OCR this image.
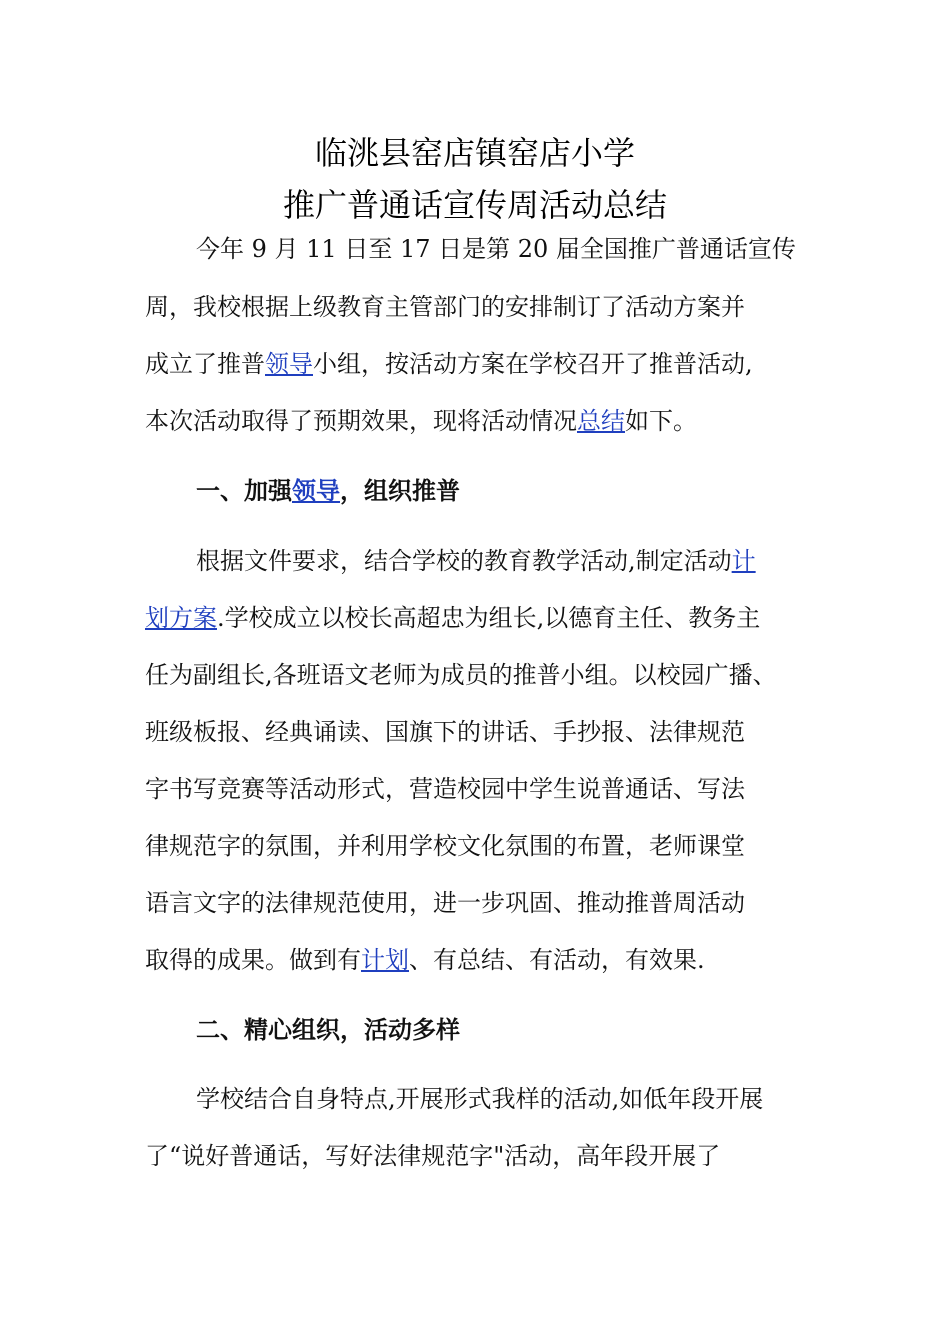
临洮县窑店镇窑店小学
推广普通话宣传周活动总结
今年 9 月 11 日至 17 日是第 20 届全国推广普通话宣传
周，我校根据上级教育主管部门的安排制订了活动方案并
成立了推普领导小组，按活动方案在学校召开了推普活动,
本次活动取得了预期效果，现将活动情况总结如下。
一、加强领导，组织推普
根据文件要求，结合学校的教育教学活动,制定活动计
划方案.学校成立以校长高超忠为组长,以德育主任、教务主
任为副组长,各班语文老师为成员的推普小组。以校园广播、
班级板报、经典诵读、国旗下的讲话、手抄报、法律规范
字书写竞赛等活动形式，营造校园中学生说普通话、写法
律规范字的氛围，并利用学校文化氛围的布置，老师课堂
语言文字的法律规范使用，进一步巩固、推动推普周活动
取得的成果。做到有计划、有总结、有活动，有效果.
二、精心组织，活动多样
学校结合自身特点,开展形式我样的活动,如低年段开展
了“说好普通话，写好法律规范字"活动，高年段开展了
